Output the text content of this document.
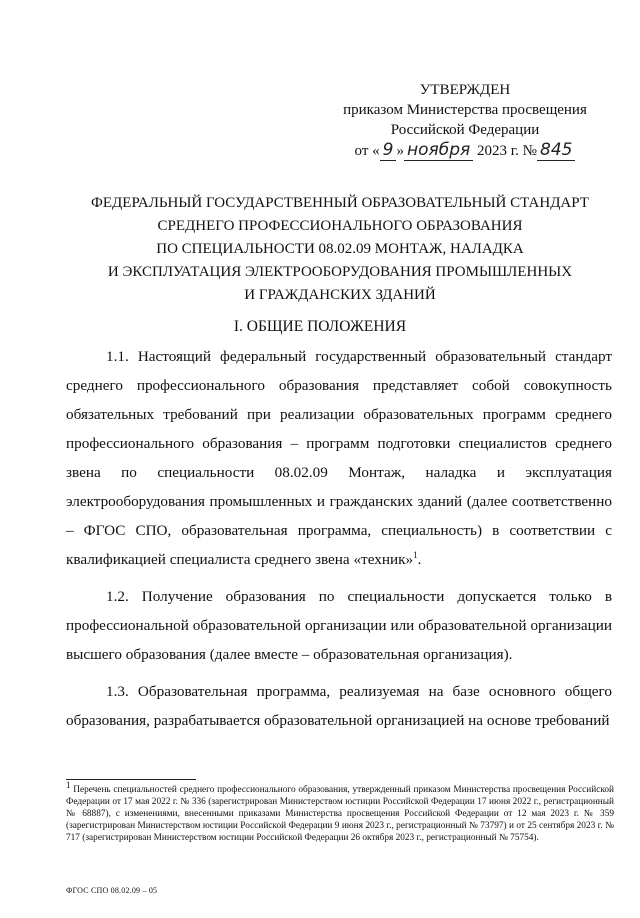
УТВЕРЖДЕН
приказом Министерства просвещения
Российской Федерации
от « 9 » ноября 2023 г. № 845
ФЕДЕРАЛЬНЫЙ ГОСУДАРСТВЕННЫЙ ОБРАЗОВАТЕЛЬНЫЙ СТАНДАРТ
СРЕДНЕГО ПРОФЕССИОНАЛЬНОГО ОБРАЗОВАНИЯ
ПО СПЕЦИАЛЬНОСТИ 08.02.09 МОНТАЖ, НАЛАДКА
И ЭКСПЛУАТАЦИЯ ЭЛЕКТРООБОРУДОВАНИЯ ПРОМЫШЛЕННЫХ
И ГРАЖДАНСКИХ ЗДАНИЙ
I. ОБЩИЕ ПОЛОЖЕНИЯ

1.1. Настоящий федеральный государственный образовательный стандарт среднего профессионального образования представляет собой совокупность обязательных требований при реализации образовательных программ среднего профессионального образования – программ подготовки специалистов среднего звена по специальности 08.02.09 Монтаж, наладка и эксплуатация электрооборудования промышленных и гражданских зданий (далее соответственно – ФГОС СПО, образовательная программа, специальность) в соответствии с квалификацией специалиста среднего звена «техник»$^1$.

1.2. Получение образования по специальности допускается только в профессиональной образовательной организации или образовательной организации высшего образования (далее вместе – образовательная организация).

1.3. Образовательная программа, реализуемая на базе основного общего образования, разрабатывается образовательной организацией на основе требований

$^1$ Перечень специальностей среднего профессионального образования, утвержденный приказом Министерства просвещения Российской Федерации от 17 мая 2022 г. № 336 (зарегистрирован Министерством юстиции Российской Федерации 17 июня 2022 г., регистрационный № 68887), с изменениями, внесенными приказами Министерства просвещения Российской Федерации от 12 мая 2023 г. № 359 (зарегистрирован Министерством юстиции Российской Федерации 9 июня 2023 г., регистрационный № 73797) и от 25 сентября 2023 г. № 717 (зарегистрирован Министерством юстиции Российской Федерации 26 октября 2023 г., регистрационный № 75754).
ФГОС СПО 08.02.09 – 05
